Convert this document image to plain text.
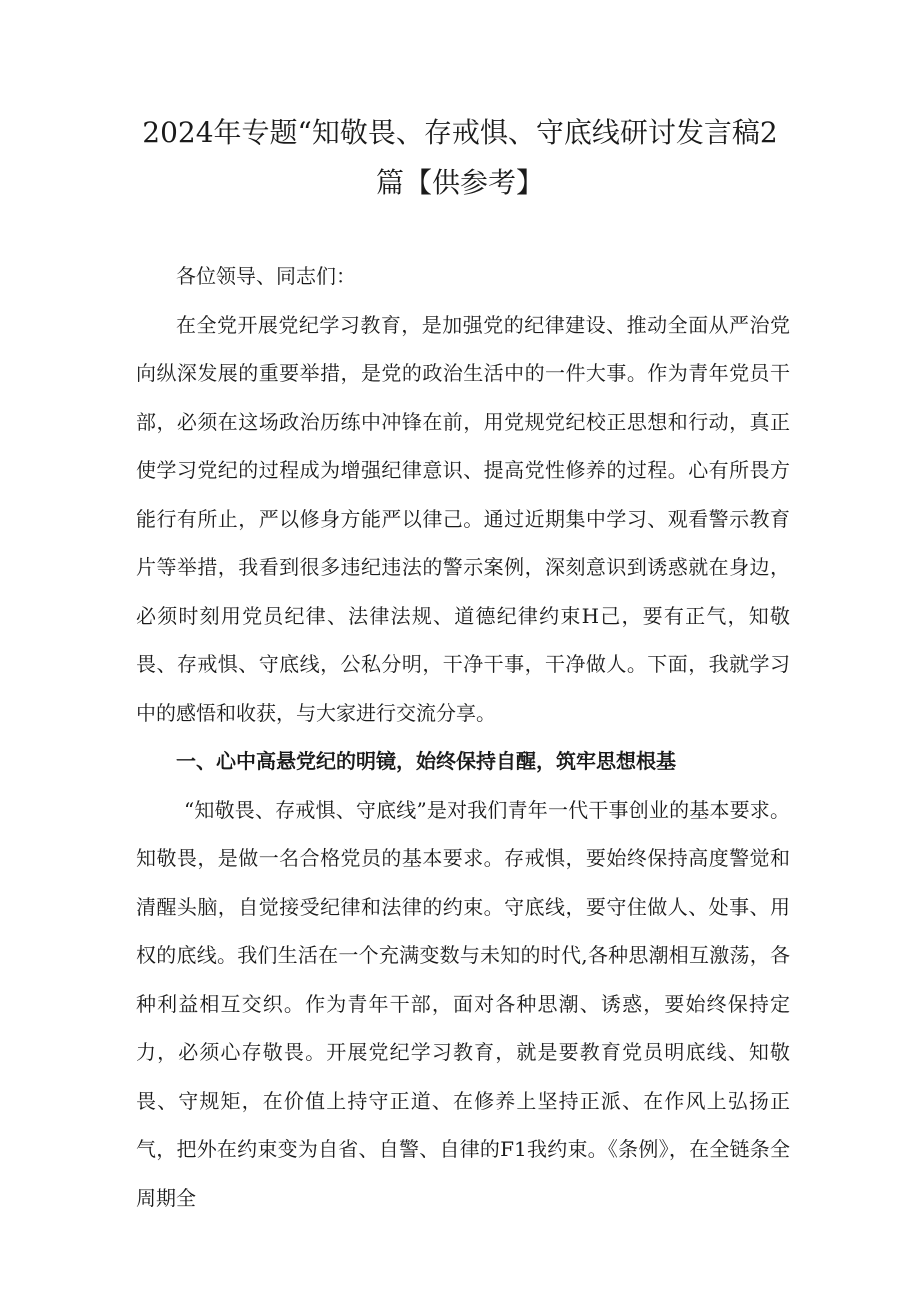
2024年专题“知敬畏、存戒惧、守底线研讨发言稿2
篇【供参考】

各位领导、同志们：

在全党开展党纪学习教育，是加强党的纪律建设、推动全面从严治党向纵深发展的重要举措，是党的政治生活中的一件大事。作为青年党员干部，必须在这场政治历练中冲锋在前，用党规党纪校正思想和行动，真正使学习党纪的过程成为增强纪律意识、提高党性修养的过程。心有所畏方能行有所止，严以修身方能严以律己。通过近期集中学习、观看警示教育片等举措，我看到很多违纪违法的警示案例，深刻意识到诱惑就在身边，必须时刻用党员纪律、法律法规、道德纪律约束H己，要有正气，知敬畏、存戒惧、守底线，公私分明，干净干事，干净做人。下面，我就学习中的感悟和收获，与大家进行交流分享。

一、心中高悬党纪的明镜，始终保持自醒，筑牢思想根基

“知敬畏、存戒惧、守底线”是对我们青年一代干事创业的基本要求。知敬畏，是做一名合格党员的基本要求。存戒惧，要始终保持高度警觉和清醒头脑，自觉接受纪律和法律的约束。守底线，要守住做人、处事、用权的底线。我们生活在一个充满变数与未知的时代,各种思潮相互激荡，各种利益相互交织。作为青年干部，面对各种思潮、诱惑，要始终保持定力，必须心存敬畏。开展党纪学习教育，就是要教育党员明底线、知敬畏、守规矩，在价值上持守正道、在修养上坚持正派、在作风上弘扬正气，把外在约束变为自省、自警、自律的F1我约束。《条例》，在全链条全周期全
